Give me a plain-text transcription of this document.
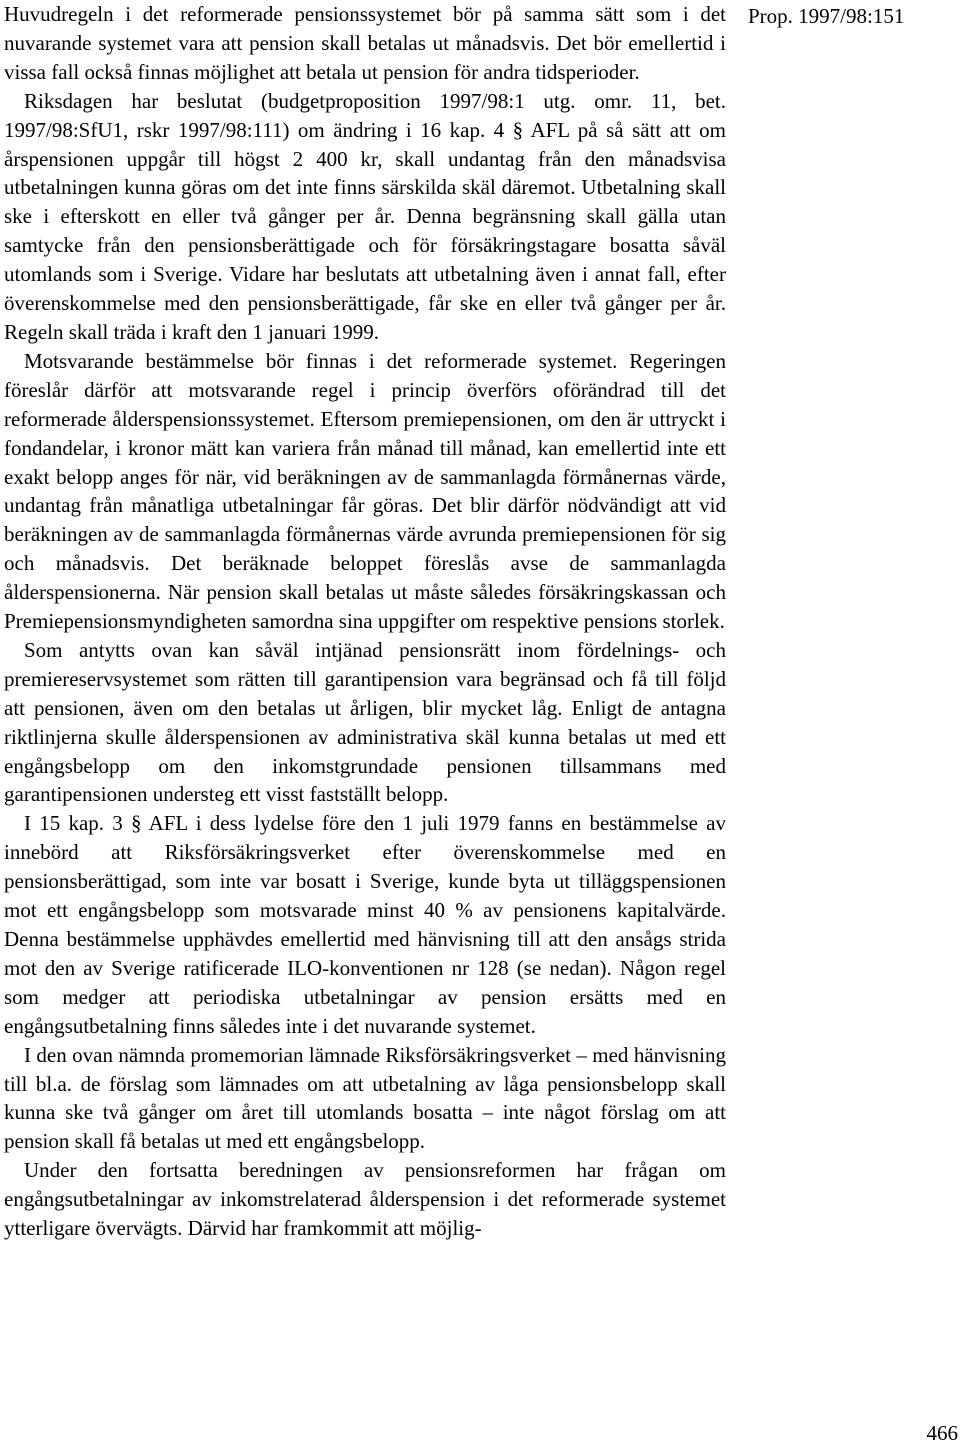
Huvudregeln i det reformerade pensionssystemet bör på samma sätt som i det nuvarande systemet vara att pension skall betalas ut månadsvis. Det bör emellertid i vissa fall också finnas möjlighet att betala ut pension för andra tidsperioder.

Riksdagen har beslutat (budgetproposition 1997/98:1 utg. omr. 11, bet. 1997/98:SfU1, rskr 1997/98:111) om ändring i 16 kap. 4 § AFL på så sätt att om årspensionen uppgår till högst 2 400 kr, skall undantag från den månadsvisa utbetalningen kunna göras om det inte finns särskilda skäl däremot. Utbetalning skall ske i efterskott en eller två gånger per år. Denna begränsning skall gälla utan samtycke från den pensionsberättigade och för försäkringstagare bosatta såväl utomlands som i Sverige. Vidare har beslutats att utbetalning även i annat fall, efter överenskommelse med den pensionsberättigade, får ske en eller två gånger per år. Regeln skall träda i kraft den 1 januari 1999.

Motsvarande bestämmelse bör finnas i det reformerade systemet. Regeringen föreslår därför att motsvarande regel i princip överförs oförändrad till det reformerade ålderspensionssystemet. Eftersom premiepensionen, om den är uttryckt i fondandelar, i kronor mätt kan variera från månad till månad, kan emellertid inte ett exakt belopp anges för när, vid beräkningen av de sammanlagda förmånernas värde, undantag från månatliga utbetalningar får göras. Det blir därför nödvändigt att vid beräkningen av de sammanlagda förmånernas värde avrunda premiepensionen för sig och månadsvis. Det beräknade beloppet föreslås avse de sammanlagda ålderspensionerna. När pension skall betalas ut måste således försäkringskassan och Premiepensionsmyndigheten samordna sina uppgifter om respektive pensions storlek.

Som antytts ovan kan såväl intjänad pensionsrätt inom fördelnings- och premiereservsystemet som rätten till garantipension vara begränsad och få till följd att pensionen, även om den betalas ut årligen, blir mycket låg. Enligt de antagna riktlinjerna skulle ålderspensionen av administrativa skäl kunna betalas ut med ett engångsbelopp om den inkomstgrundade pensionen tillsammans med garantipensionen understeg ett visst fastställt belopp.

I 15 kap. 3 § AFL i dess lydelse före den 1 juli 1979 fanns en bestämmelse av innebörd att Riksförsäkringsverket efter överenskommelse med en pensionsberättigad, som inte var bosatt i Sverige, kunde byta ut tilläggspensionen mot ett engångsbelopp som motsvarade minst 40 % av pensionens kapitalvärde. Denna bestämmelse upphävdes emellertid med hänvisning till att den ansågs strida mot den av Sverige ratificerade ILO-konventionen nr 128 (se nedan). Någon regel som medger att periodiska utbetalningar av pension ersätts med en engångsutbetalning finns således inte i det nuvarande systemet.

I den ovan nämnda promemorian lämnade Riksförsäkringsverket – med hänvisning till bl.a. de förslag som lämnades om att utbetalning av låga pensionsbelopp skall kunna ske två gånger om året till utomlands bosatta – inte något förslag om att pension skall få betalas ut med ett engångsbelopp.

Under den fortsatta beredningen av pensionsreformen har frågan om engångsutbetalningar av inkomstrelaterad ålderspension i det reformerade systemet ytterligare övervägts. Därvid har framkommit att möjlig-

Prop. 1997/98:151
466
